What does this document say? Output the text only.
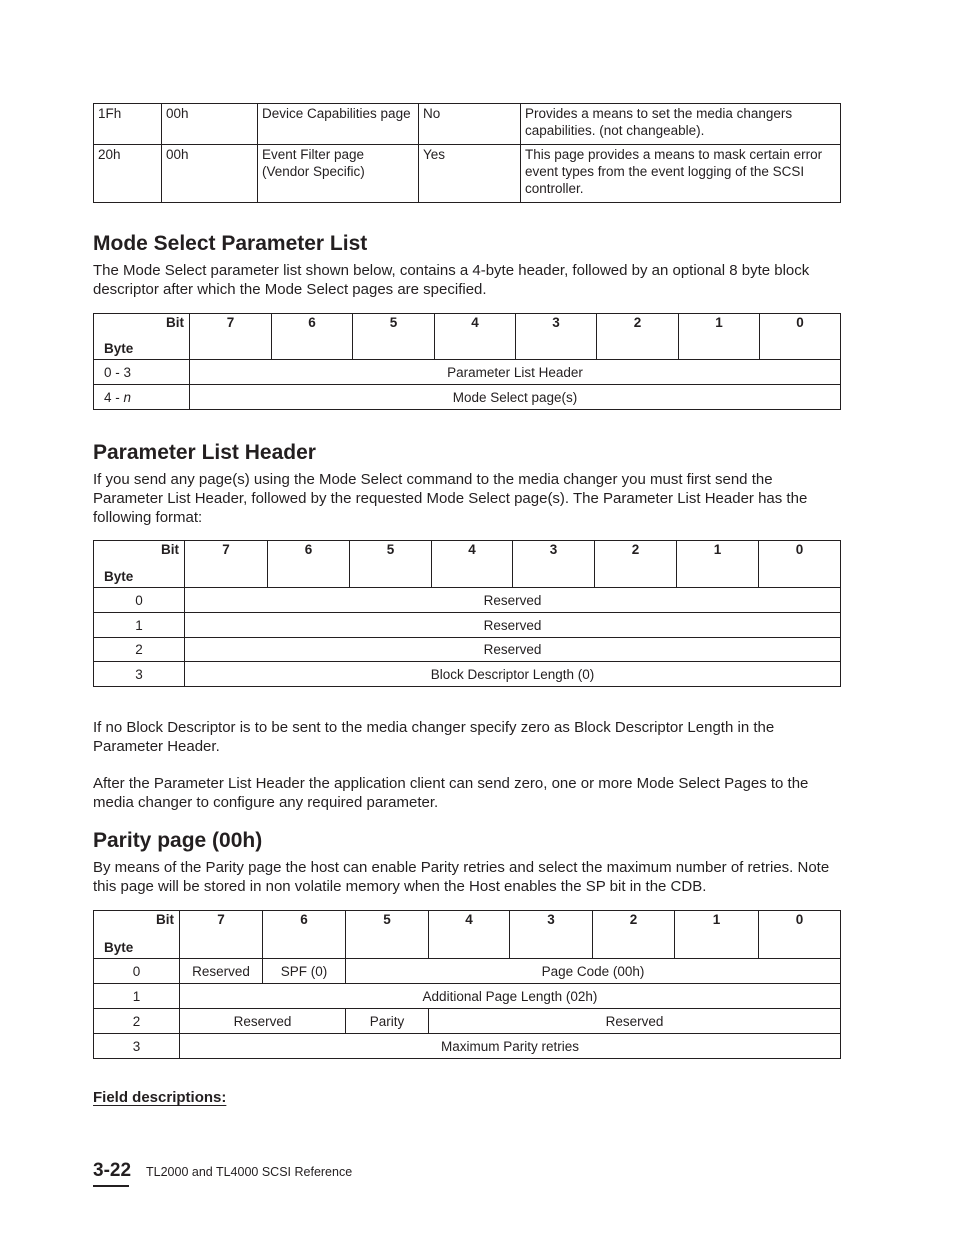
1Fh	00h	Device Capabilities page	No	Provides a means to set the media changers capabilities. (not changeable).
20h	00h	Event Filter page (Vendor Specific)	Yes	This page provides a means to mask certain error event types from the event logging of the SCSI controller.
Mode Select Parameter List

The Mode Select parameter list shown below, contains a 4-byte header, followed by an optional 8 byte block descriptor after which the Mode Select pages are specified.

Bit
Byte	7	6	5	4	3	2	1	0
0 - 3	Parameter List Header							
4 - n	Mode Select page(s)							
Parameter List Header

If you send any page(s) using the Mode Select command to the media changer you must first send the Parameter List Header, followed by the requested Mode Select page(s). The Parameter List Header has the following format:

Bit
Byte	7	6	5	4	3	2	1	0
0	Reserved							
1	Reserved							
2	Reserved							
3	Block Descriptor Length (0)							

If no Block Descriptor is to be sent to the media changer specify zero as Block Descriptor Length in the Parameter Header.

After the Parameter List Header the application client can send zero, one or more Mode Select Pages to the media changer to configure any required parameter.

Parity page (00h)

By means of the Parity page the host can enable Parity retries and select the maximum number of retries. Note this page will be stored in non volatile memory when the Host enables the SP bit in the CDB.

Bit
Byte	7	6	5	4	3	2	1	0
0	Reserved	SPF (0)	Page Code (00h)					
1	Additional Page Length (02h)							
2	Reserved		Parity	Reserved				
3	Maximum Parity retries							
Field descriptions:
3-22 TL2000 and TL4000 SCSI Reference
